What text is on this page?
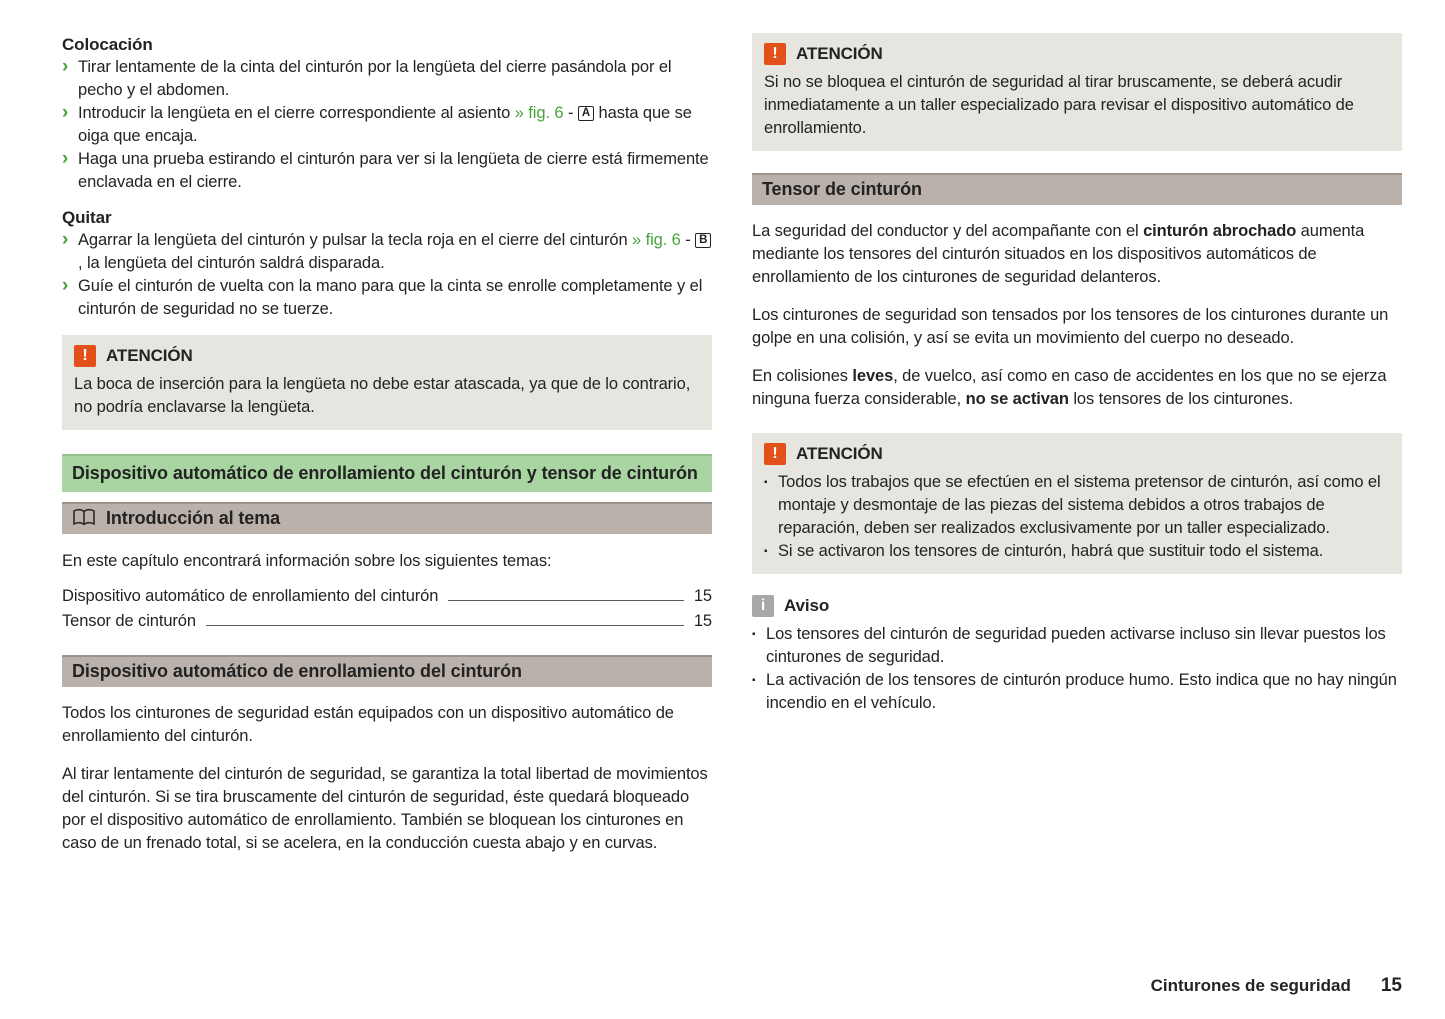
Colocación
› Tirar lentamente de la cinta del cinturón por la lengüeta del cierre pasándola por el pecho y el abdomen.
› Introducir la lengüeta en el cierre correspondiente al asiento » fig. 6 - A hasta que se oiga que encaja.
› Haga una prueba estirando el cinturón para ver si la lengüeta de cierre está firmemente enclavada en el cierre.
Quitar
› Agarrar la lengüeta del cinturón y pulsar la tecla roja en el cierre del cinturón » fig. 6 - B, la lengüeta del cinturón saldrá disparada.
› Guíe el cinturón de vuelta con la mano para que la cinta se enrolle completamente y el cinturón de seguridad no se tuerze.
!	ATENCIÓN
La boca de inserción para la lengüeta no debe estar atascada, ya que de lo contrario, no podría enclavarse la lengüeta.
Dispositivo automático de enrollamiento del cinturón y tensor de cinturón
Introducción al tema
En este capítulo encontrará información sobre los siguientes temas:
Dispositivo automático de enrollamiento del cinturón	15
Tensor de cinturón	15
Dispositivo automático de enrollamiento del cinturón
Todos los cinturones de seguridad están equipados con un dispositivo automático de enrollamiento del cinturón.
Al tirar lentamente del cinturón de seguridad, se garantiza la total libertad de movimientos del cinturón. Si se tira bruscamente del cinturón de seguridad, éste quedará bloqueado por el dispositivo automático de enrollamiento. También se bloquean los cinturones en caso de un frenado total, si se acelera, en la conducción cuesta abajo y en curvas.
!	ATENCIÓN
Si no se bloquea el cinturón de seguridad al tirar bruscamente, se deberá acudir inmediatamente a un taller especializado para revisar el dispositivo automático de enrollamiento.
Tensor de cinturón
La seguridad del conductor y del acompañante con el cinturón abrochado aumenta mediante los tensores del cinturón situados en los dispositivos automáticos de enrollamiento de los cinturones de seguridad delanteros.
Los cinturones de seguridad son tensados por los tensores de los cinturones durante un golpe en una colisión, y así se evita un movimiento del cuerpo no deseado.
En colisiones leves, de vuelco, así como en caso de accidentes en los que no se ejerza ninguna fuerza considerable, no se activan los tensores de los cinturones.
!	ATENCIÓN
▪ Todos los trabajos que se efectúen en el sistema pretensor de cinturón, así como el montaje y desmontaje de las piezas del sistema debidos a otros trabajos de reparación, deben ser realizados exclusivamente por un taller especializado.
▪ Si se activaron los tensores de cinturón, habrá que sustituir todo el sistema.
i	Aviso
▪ Los tensores del cinturón de seguridad pueden activarse incluso sin llevar puestos los cinturones de seguridad.
▪ La activación de los tensores de cinturón produce humo. Esto indica que no hay ningún incendio en el vehículo.
Cinturones de seguridad 15
